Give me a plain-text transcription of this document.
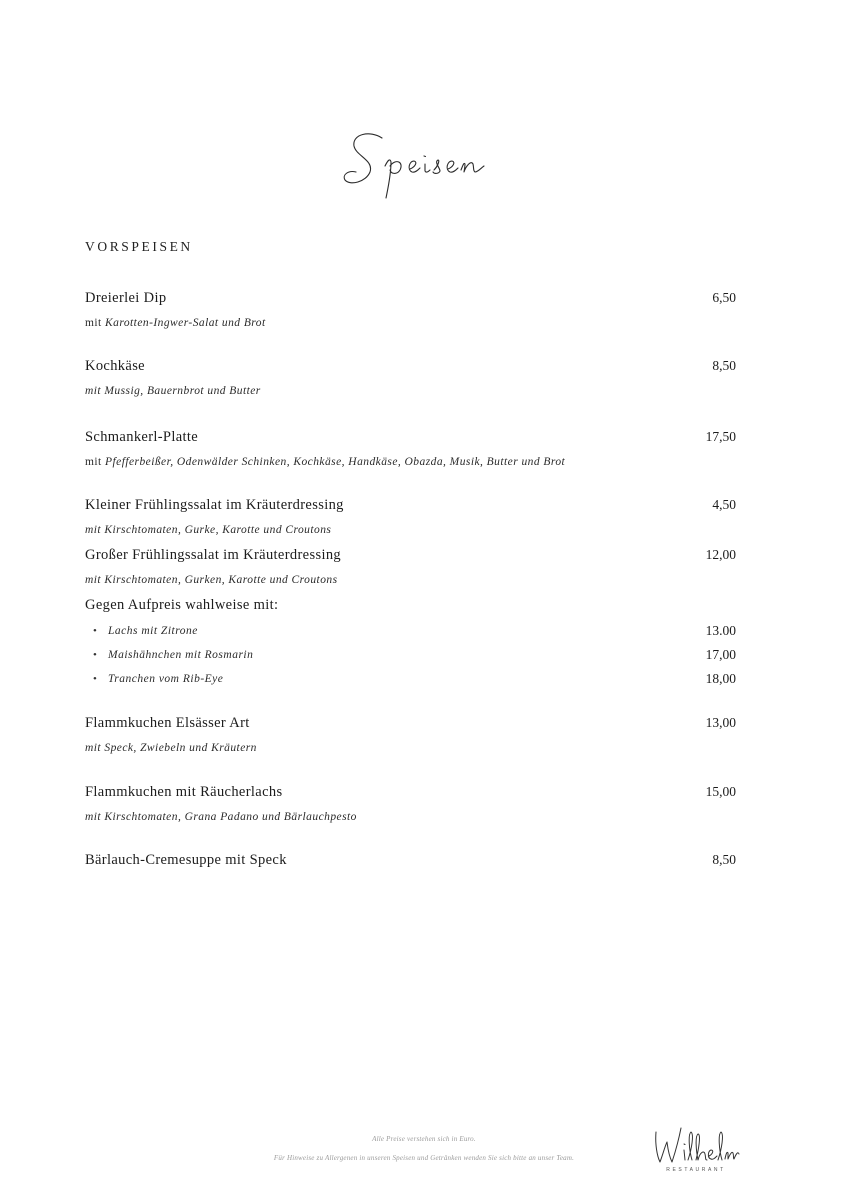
VORSPEISEN
Dreierlei Dip	6,50
mit Karotten-Ingwer-Salat und Brot
Kochkäse	8,50
mit Mussig, Bauernbrot und Butter
Schmankerl-Platte	17,50
mit Pfefferbeißer, Odenwälder Schinken, Kochkäse, Handkäse, Obazda, Musik, Butter und Brot
Kleiner Frühlingssalat im Kräuterdressing	4,50
mit Kirschtomaten, Gurke, Karotte und Croutons
Großer Frühlingssalat im Kräuterdressing	12,00
mit Kirschtomaten, Gurken, Karotte und Croutons
Gegen Aufpreis wahlweise mit:
• Lachs mit Zitrone	13.00
• Maishähnchen mit Rosmarin	17,00
• Tranchen vom Rib-Eye	18,00
Flammkuchen Elsässer Art	13,00
mit Speck, Zwiebeln und Kräutern
Flammkuchen mit Räucherlachs	15,00
mit Kirschtomaten, Grana Padano und Bärlauchpesto
Bärlauch-Cremesuppe mit Speck	8,50
Alle Preise verstehen sich in Euro.
Für Hinweise zu Allergenen in unseren Speisen und Getränken wenden Sie sich bitte an unser Team.
RESTAURANT
